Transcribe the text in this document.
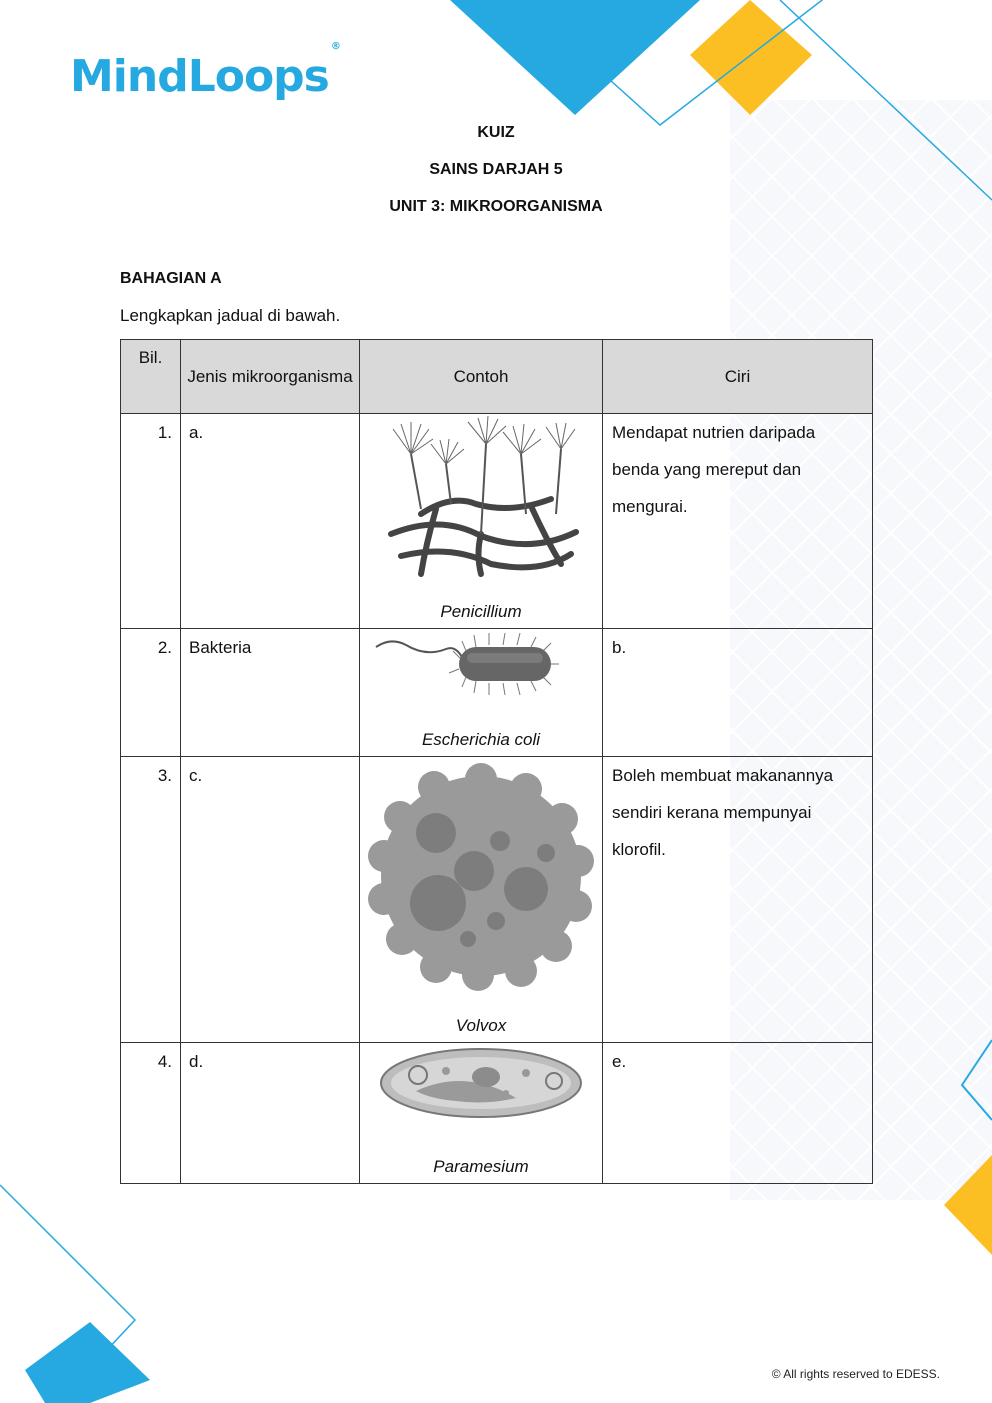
MindLoops®
KUIZ
SAINS DARJAH 5
UNIT 3: MIKROORGANISMA
BAHAGIAN A
Lengkapkan jadual di bawah.
Bil.	Jenis mikroorganisma	Contoh	Ciri
1.	a.	Penicillium	Mendapat nutrien daripada benda yang mereput dan mengurai.
2.	Bakteria	Escherichia coli	b.
3.	c.	Volvox	Boleh membuat makanannya sendiri kerana mempunyai klorofil.
4.	d.	Paramesium	e.
© All rights reserved to EDESS.
